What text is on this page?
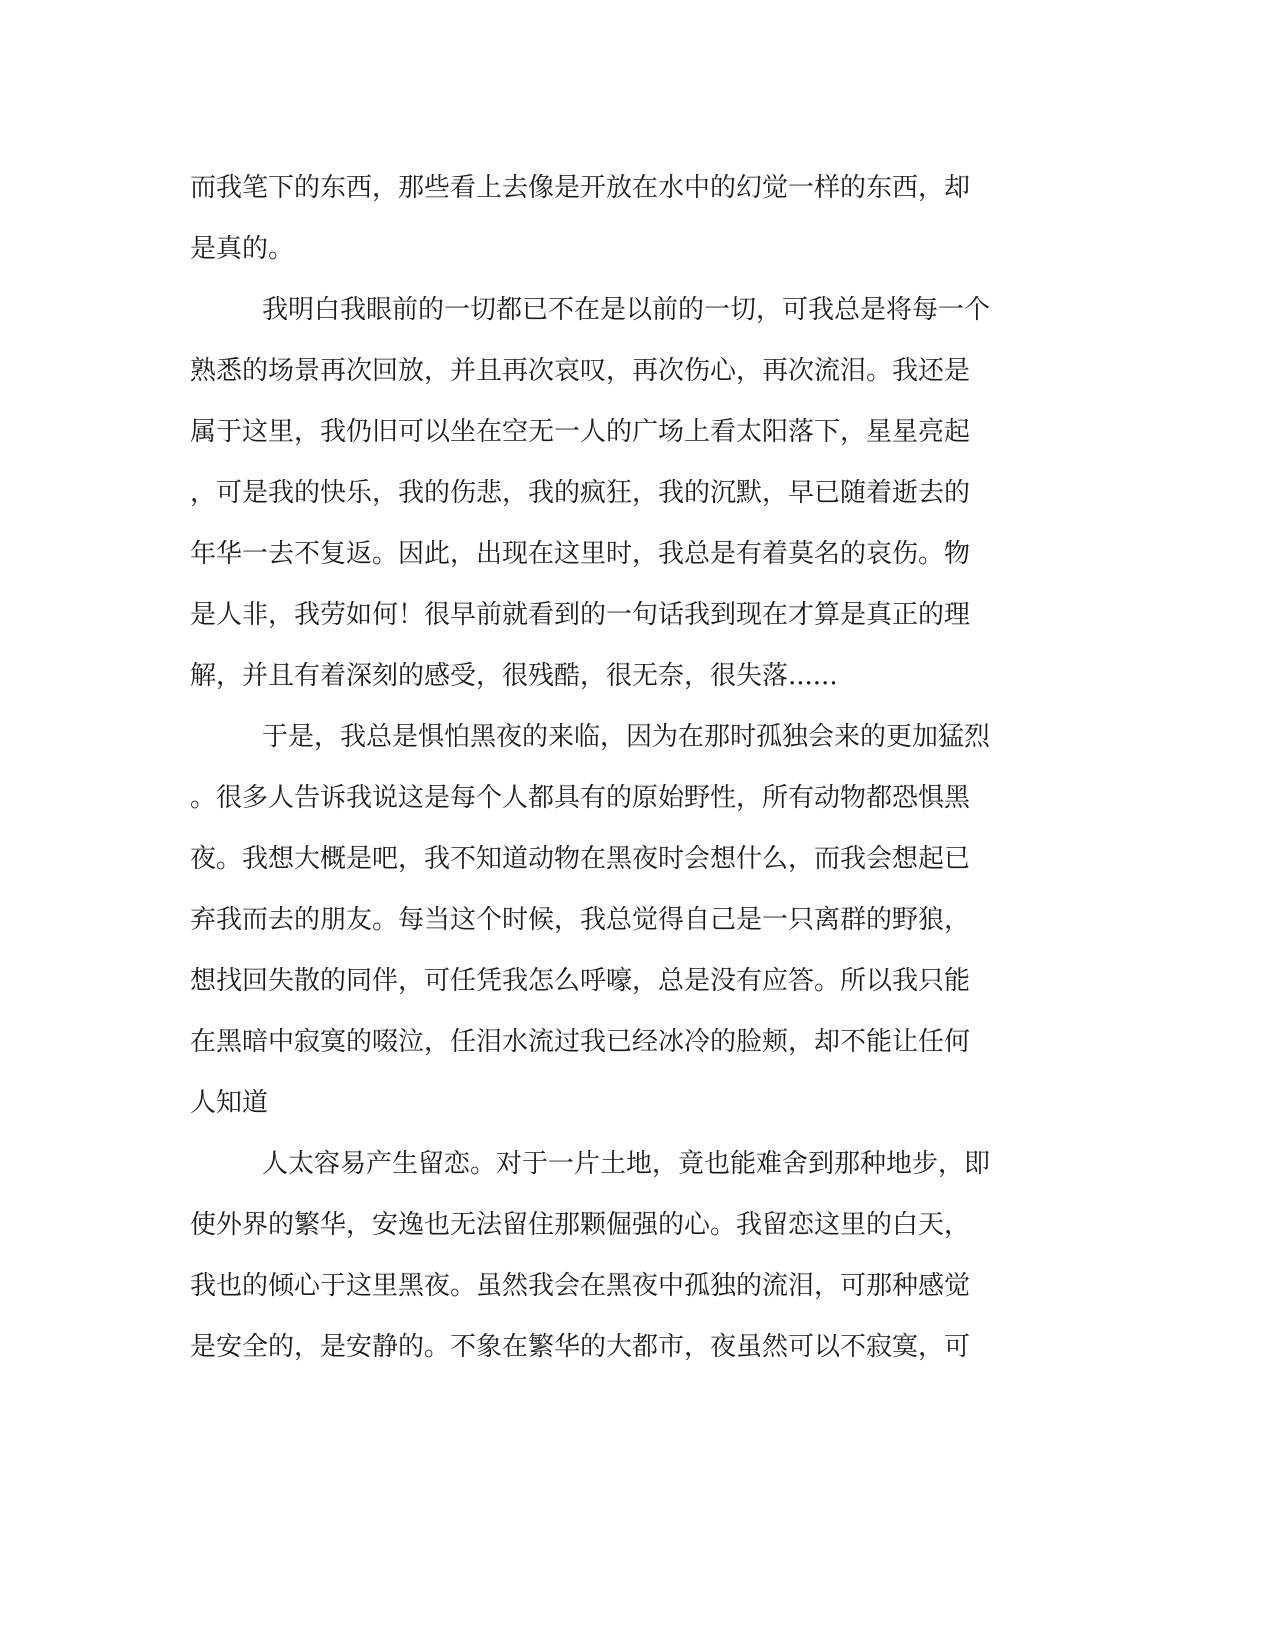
而我笔下的东西，那些看上去像是开放在水中的幻觉一样的东西，却
是真的。
我明白我眼前的一切都已不在是以前的一切，可我总是将每一个
熟悉的场景再次回放，并且再次哀叹，再次伤心，再次流泪。我还是
属于这里，我仍旧可以坐在空无一人的广场上看太阳落下，星星亮起
，可是我的快乐，我的伤悲，我的疯狂，我的沉默，早已随着逝去的
年华一去不复返。因此，出现在这里时，我总是有着莫名的哀伤。物
是人非，我劳如何！很早前就看到的一句话我到现在才算是真正的理
解，并且有着深刻的感受，很残酷，很无奈，很失落......
于是，我总是惧怕黑夜的来临，因为在那时孤独会来的更加猛烈
。很多人告诉我说这是每个人都具有的原始野性，所有动物都恐惧黑
夜。我想大概是吧，我不知道动物在黑夜时会想什么，而我会想起已
弃我而去的朋友。每当这个时候，我总觉得自己是一只离群的野狼，
想找回失散的同伴，可任凭我怎么呼嚎，总是没有应答。所以我只能
在黑暗中寂寞的啜泣，任泪水流过我已经冰冷的脸颊，却不能让任何
人知道
人太容易产生留恋。对于一片土地，竟也能难舍到那种地步，即
使外界的繁华，安逸也无法留住那颗倔强的心。我留恋这里的白天，
我也的倾心于这里黑夜。虽然我会在黑夜中孤独的流泪，可那种感觉
是安全的，是安静的。不象在繁华的大都市，夜虽然可以不寂寞，可
